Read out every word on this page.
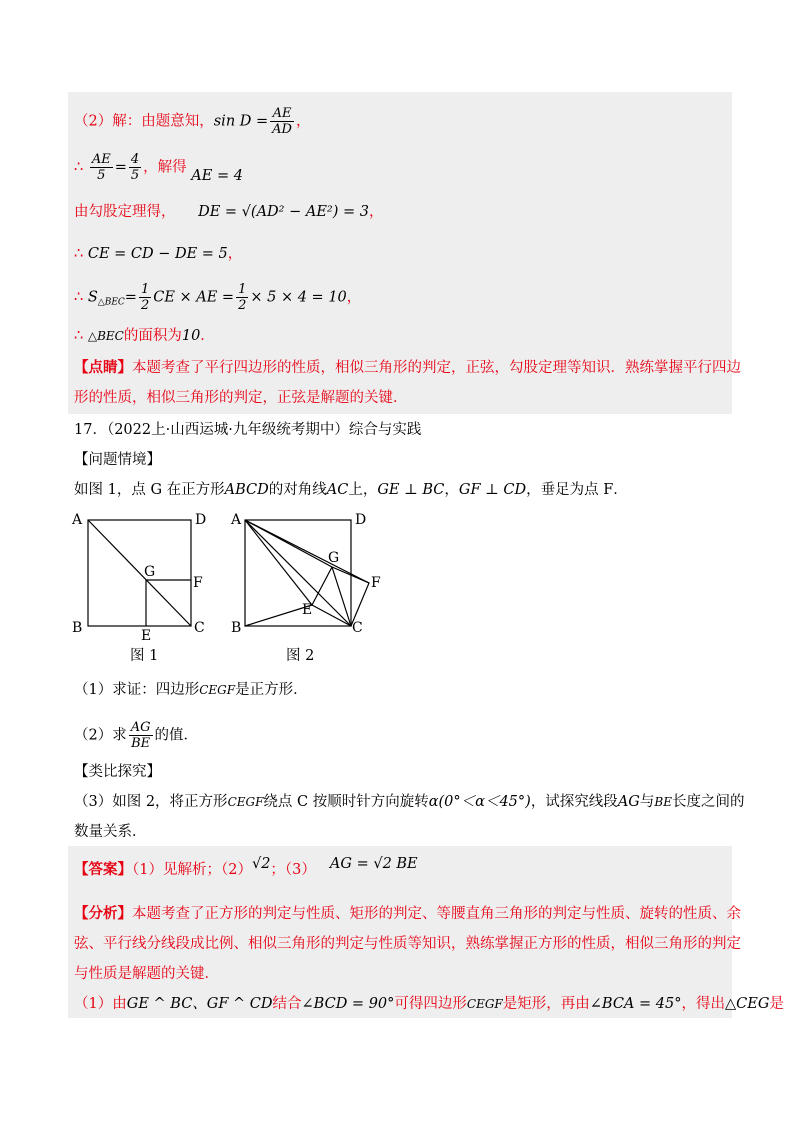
（2）解：由题意知，$\sin D = \frac{AE}{AD}$ ，
∴ $\frac{AE}{5} = \frac{4}{5}$ ，解得 AE = 4
由勾股定理得， DE = √(AD² − AE²) = 3，
∴ CE = CD − DE = 5，
∴ $S_{\triangle BEC}= \frac{1}{2}$ CE × AE = $\frac{1}{2} \times 5 \times 4 = 10$，
∴ △BEC的面积为10．
【点睛】本题考查了平行四边形的性质，相似三角形的判定，正弦，勾股定理等知识．熟练掌握平行四边
形的性质，相似三角形的判定，正弦是解题的关键．
17．（2022上·山西运城·九年级统考期中）综合与实践
【问题情境】
如图 1，点 G 在正方形ABCD的对角线AC上，GE ⊥ BC，GF ⊥ CD，垂足为点 F．
A	D
B	C
E
F
G
图 1
A	D
B	C
E
F
G
图 2
（1）求证：四边形CEGF是正方形．
（2）求 $\frac{AG}{BE}$ 的值．
【类比探究】
（3）如图 2，将正方形CEGF绕点 C 按顺时针方向旋转α(0°＜α＜45°)，试探究线段AG与BE长度之间的
数量关系．
【答案】（1）见解析；（2）√2；（3） AG = √2 BE
【分析】本题考查了正方形的判定与性质、矩形的判定、等腰直角三角形的判定与性质、旋转的性质、余
弦、平行线分线段成比例、相似三角形的判定与性质等知识，熟练掌握正方形的性质，相似三角形的判定
与性质是解题的关键．
（1）由GE ^ BC、GF ^ CD结合∠BCD = 90°可得四边形CEGF是矩形，再由∠BCA = 45°，得出△CEG是
